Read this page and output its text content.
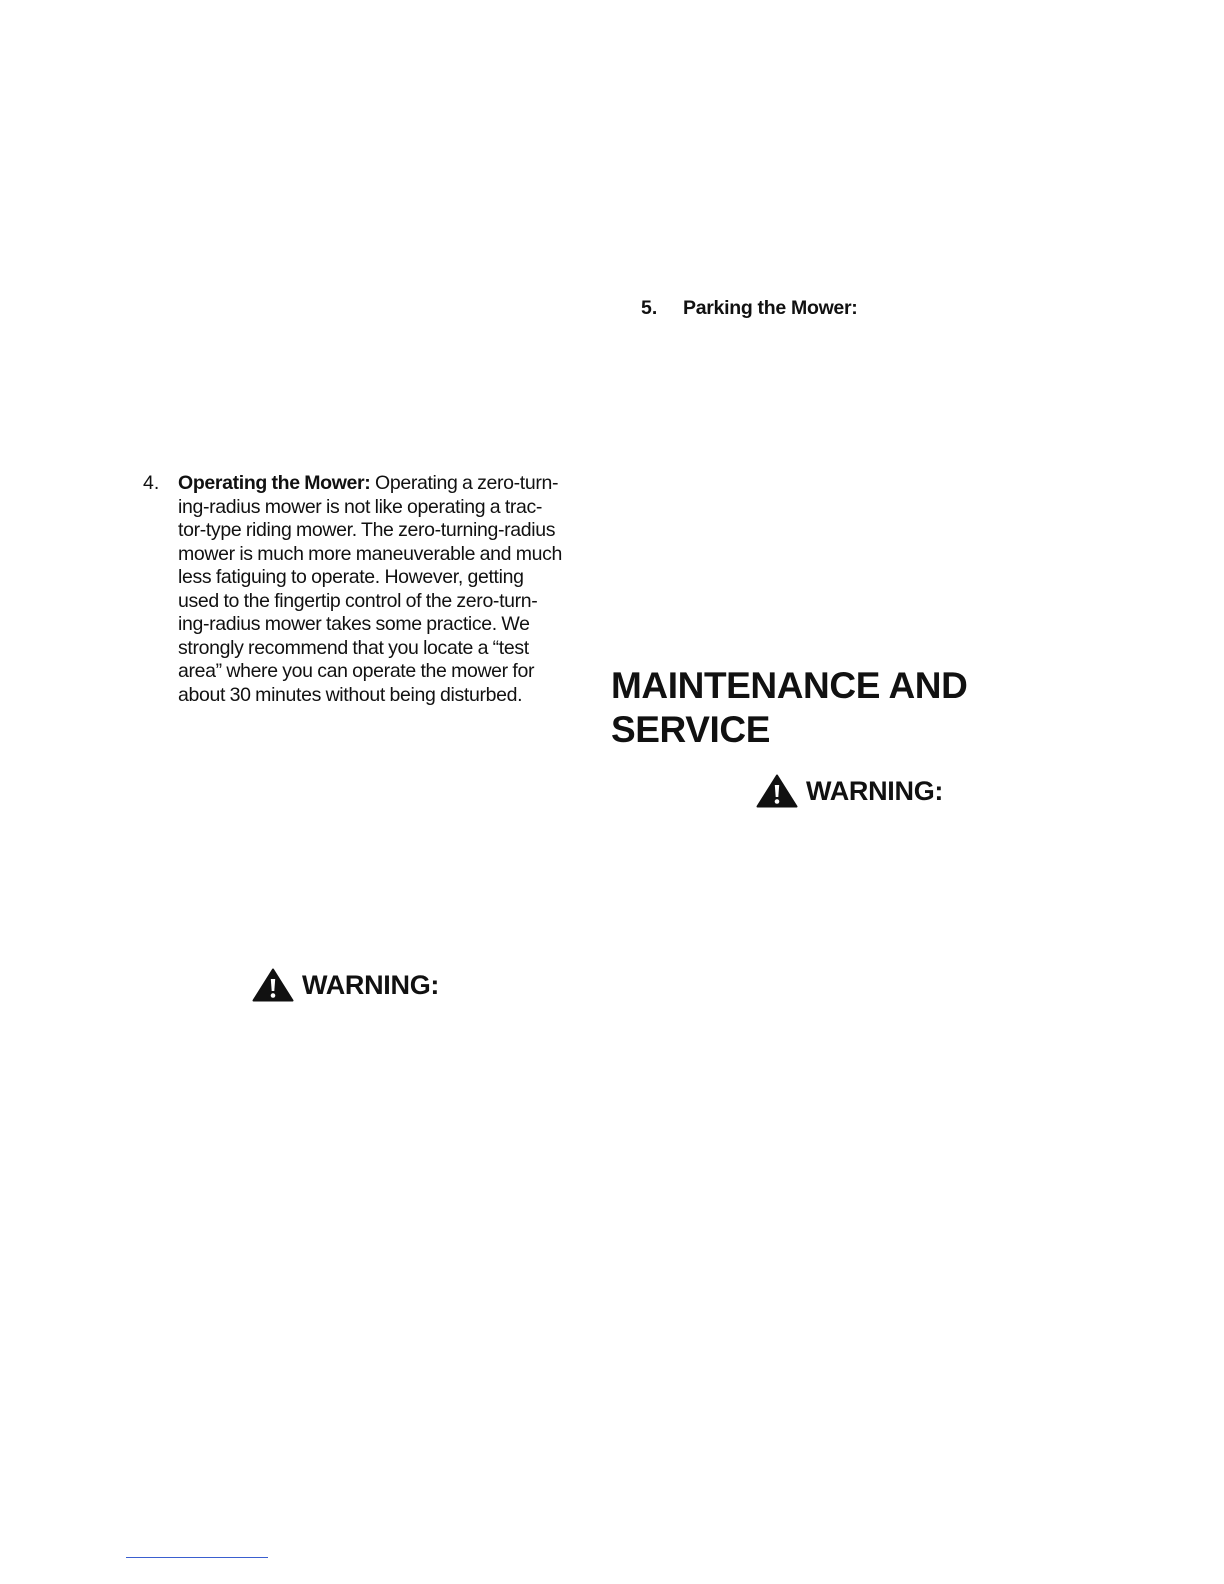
4. Operating the Mower: Operating a zero-turn-
ing-radius mower is not like operating a trac-
tor-type riding mower. The zero-turning-radius
mower is much more maneuverable and much
less fatiguing to operate. However, getting
used to the fingertip control of the zero-turn-
ing-radius mower takes some practice. We
strongly recommend that you locate a “test
area” where you can operate the mower for
about 30 minutes without being disturbed.
5. Parking the Mower:
MAINTENANCE AND
SERVICE
WARNING:
WARNING:
